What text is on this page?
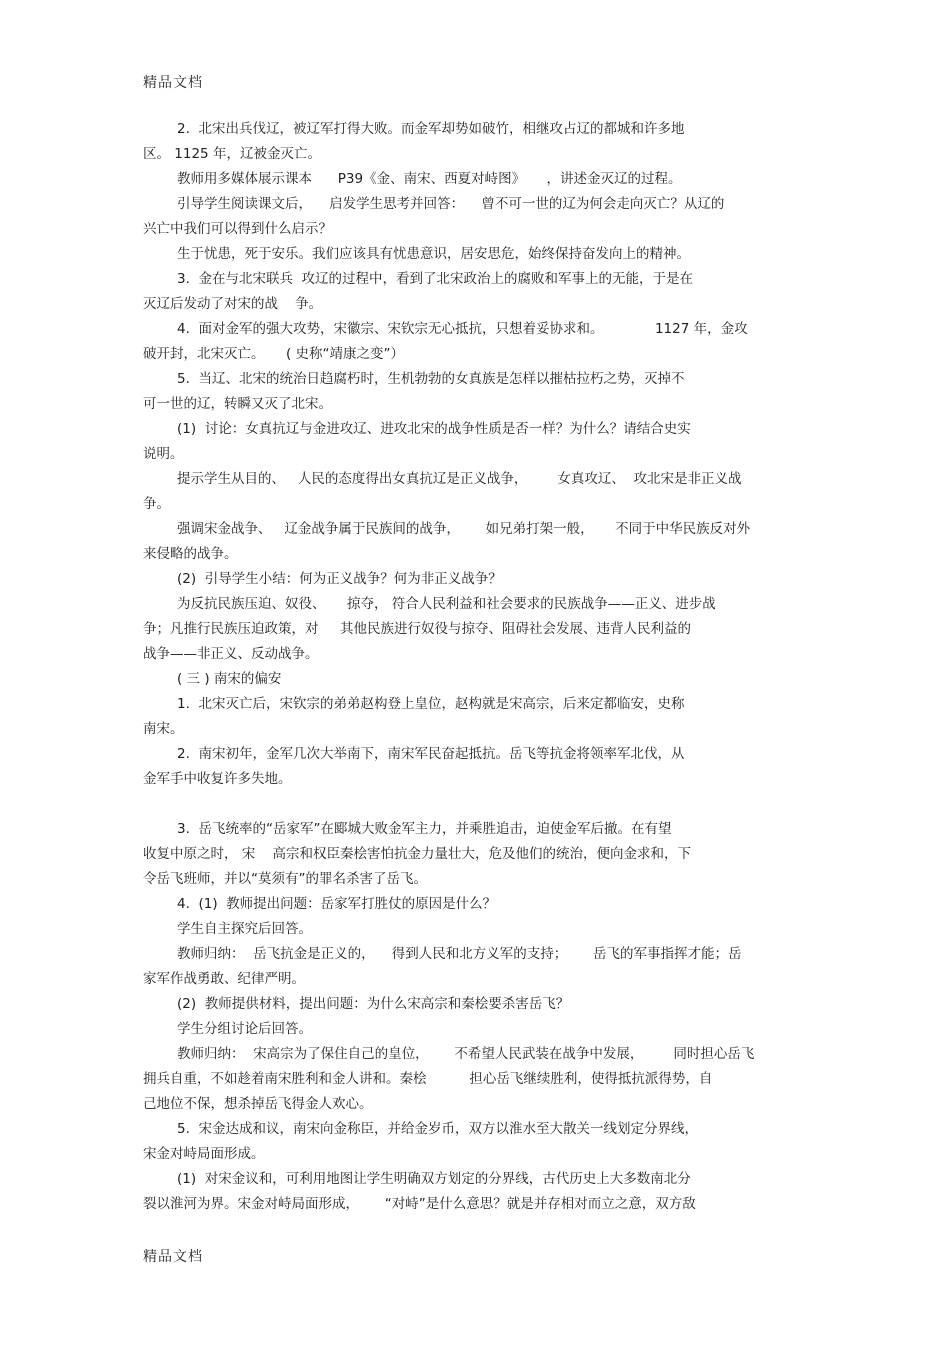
精品文档
2.  北宋出兵伐辽，被辽军打得大败。而金军却势如破竹，相继攻占辽的都城和许多地
区。 1125 年，辽被金灭亡。
教师用多媒体展示课本      P39《金、南宋、西夏对峙图》     ，讲述金灭辽的过程。
引导学生阅读课文后，    启发学生思考并回答：    曾不可一世的辽为何会走向灭亡？从辽的
兴亡中我们可以得到什么启示？
生于忧患，死于安乐。我们应该具有忧患意识，居安思危，始终保持奋发向上的精神。
3.  金在与北宋联兵  攻辽的过程中，看到了北宋政治上的腐败和军事上的无能，于是在
灭辽后发动了对宋的战    争。
4.  面对金军的强大攻势，宋徽宗、宋钦宗无心抵抗，只想着妥协求和。            1127 年，金攻
破开封，北宋灭亡。     ( 史称“靖康之变”）
5.  当辽、北宋的统治日趋腐朽时，生机勃勃的女真族是怎样以摧枯拉朽之势，灭掉不
可一世的辽，转瞬又灭了北宋。
(1)  讨论：女真抗辽与金进攻辽、进攻北宋的战争性质是否一样？为什么？请结合史实
说明。
提示学生从目的、   人民的态度得出女真抗辽是正义战争，       女真攻辽、  攻北宋是非正义战
争。
强调宋金战争、   辽金战争属于民族间的战争，      如兄弟打架一般，     不同于中华民族反对外
来侵略的战争。
(2)  引导学生小结：何为正义战争？何为非正义战争？
为反抗民族压迫、奴役、     掠夺， 符合人民利益和社会要求的民族战争——正义、进步战
争；凡推行民族压迫政策，对     其他民族进行奴役与掠夺、阻碍社会发展、违背人民利益的
战争——非正义、反动战争。
( 三 ) 南宋的偏安
1.  北宋灭亡后，宋钦宗的弟弟赵构登上皇位，赵构就是宋高宗，后来定都临安，史称
南宋。
2.  南宋初年，金军几次大举南下，南宋军民奋起抵抗。岳飞等抗金将领率军北伐，从
金军手中收复许多失地。
3.  岳飞统率的“岳家军”在郾城大败金军主力，并乘胜追击，迫使金军后撤。在有望
收复中原之时， 宋    高宗和权臣秦桧害怕抗金力量壮大，危及他们的统治，便向金求和，下
令岳飞班师，并以“莫须有”的罪名杀害了岳飞。
4.  (1)  教师提出问题：岳家军打胜仗的原因是什么？
学生自主探究后回答。
教师归纳：  岳飞抗金是正义的，    得到人民和北方义军的支持；      岳飞的军事指挥才能；岳
家军作战勇敢、纪律严明。
(2)  教师提供材料，提出问题：为什么宋高宗和秦桧要杀害岳飞？
学生分组讨论后回答。
教师归纳：  宋高宗为了保住自己的皇位，      不希望人民武装在战争中发展，       同时担心岳飞
拥兵自重，不如趁着南宋胜利和金人讲和。秦桧          担心岳飞继续胜利，使得抵抗派得势，自
己地位不保，想杀掉岳飞得金人欢心。
5.  宋金达成和议，南宋向金称臣，并给金岁币，双方以淮水至大散关一线划定分界线，
宋金对峙局面形成。
(1)  对宋金议和，可利用地图让学生明确双方划定的分界线，古代历史上大多数南北分
裂以淮河为界。宋金对峙局面形成，      “对峙”是什么意思？就是并存相对而立之意，双方敌
精品文档
